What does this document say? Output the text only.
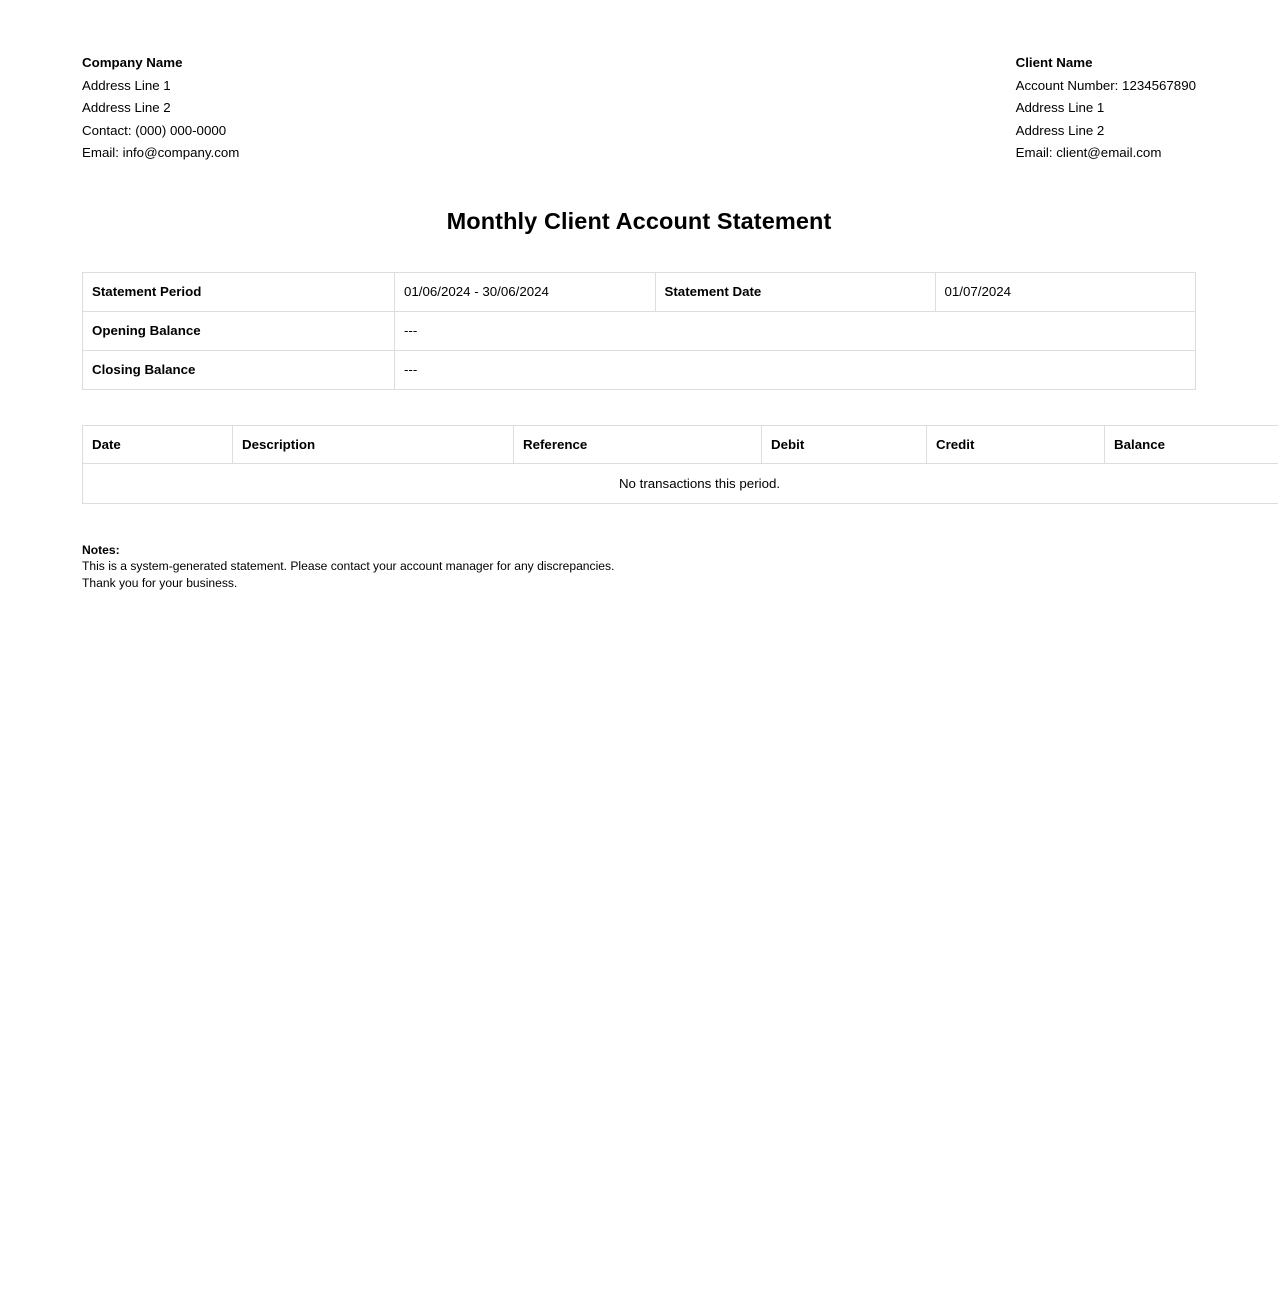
Company Name
Address Line 1
Address Line 2
Contact: (000) 000-0000
Email: info@company.com
Client Name
Account Number: 1234567890
Address Line 1
Address Line 2
Email: client@email.com
Monthly Client Account Statement
Statement Period	01/06/2024 - 30/06/2024	Statement Date	01/07/2024
Opening Balance	---		
Closing Balance	---		
Date	Description	Reference	Debit	Credit	Balance
No transactions this period.
Notes:
This is a system-generated statement. Please contact your account manager for any discrepancies.
Thank you for your business.
